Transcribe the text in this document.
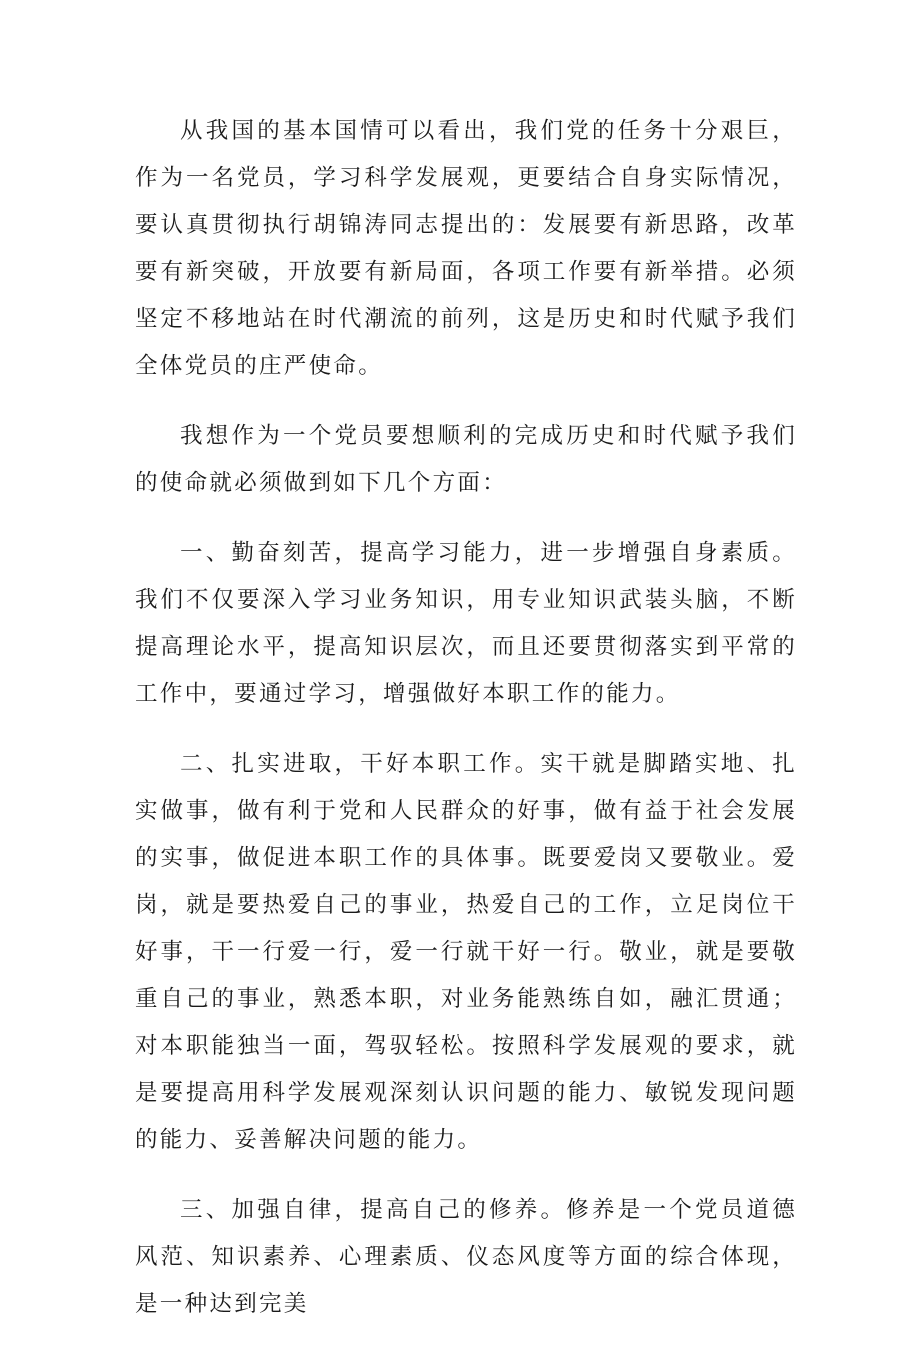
从我国的基本国情可以看出，我们党的任务十分艰巨，作为一名党员，学习科学发展观，更要结合自身实际情况，要认真贯彻执行胡锦涛同志提出的：发展要有新思路，改革要有新突破，开放要有新局面，各项工作要有新举措。必须坚定不移地站在时代潮流的前列，这是历史和时代赋予我们全体党员的庄严使命。

我想作为一个党员要想顺利的完成历史和时代赋予我们的使命就必须做到如下几个方面：

一、勤奋刻苦，提高学习能力，进一步增强自身素质。我们不仅要深入学习业务知识，用专业知识武装头脑，不断提高理论水平，提高知识层次，而且还要贯彻落实到平常的工作中，要通过学习，增强做好本职工作的能力。

二、扎实进取，干好本职工作。实干就是脚踏实地、扎实做事，做有利于党和人民群众的好事，做有益于社会发展的实事，做促进本职工作的具体事。既要爱岗又要敬业。爱岗，就是要热爱自己的事业，热爱自己的工作，立足岗位干好事，干一行爱一行，爱一行就干好一行。敬业，就是要敬重自己的事业，熟悉本职，对业务能熟练自如，融汇贯通；对本职能独当一面，驾驭轻松。按照科学发展观的要求，就是要提高用科学发展观深刻认识问题的能力、敏锐发现问题的能力、妥善解决问题的能力。

三、加强自律，提高自己的修养。修养是一个党员道德风范、知识素养、心理素质、仪态风度等方面的综合体现，是一种达到完美
